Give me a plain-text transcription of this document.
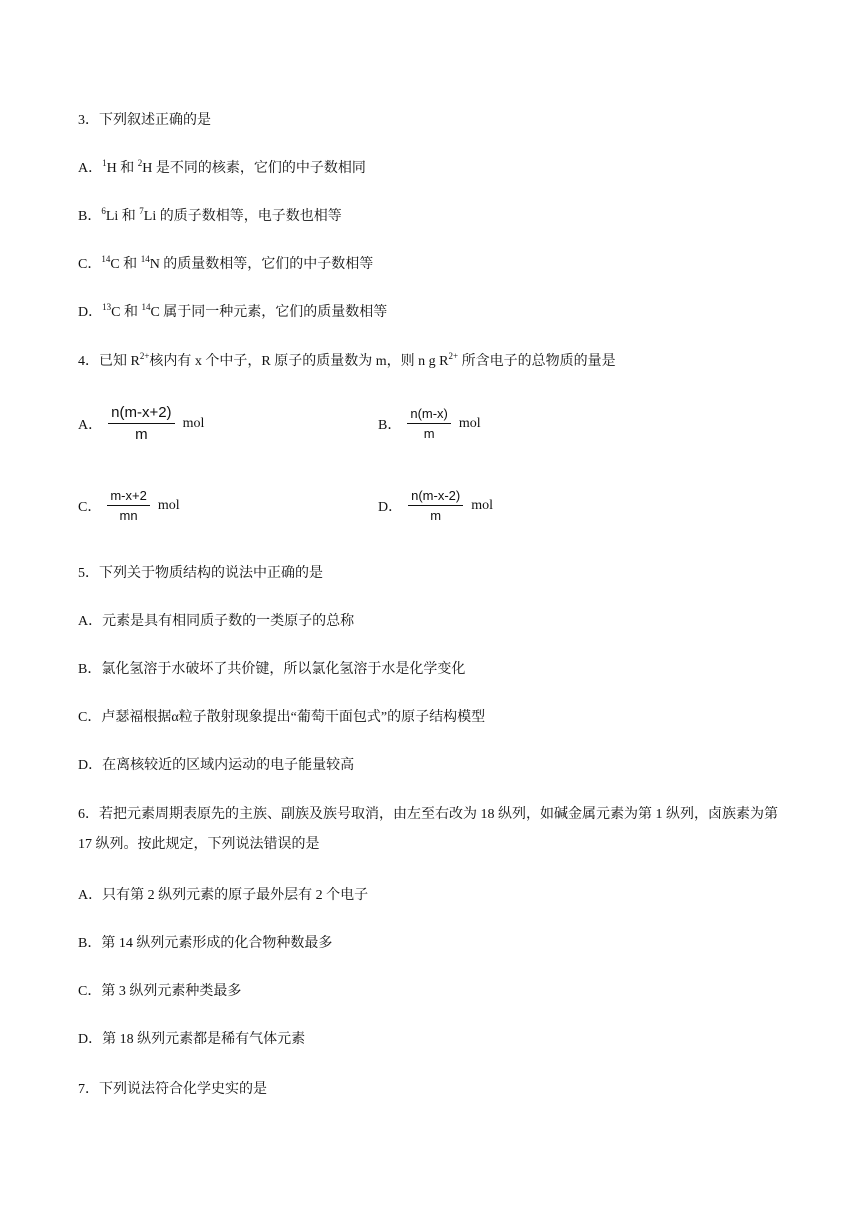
3．下列叙述正确的是
A．$^1$H 和 $^2$H 是不同的核素，它们的中子数相同
B．$^6$Li 和 $^7$Li 的质子数相等，电子数也相等
C．$^{14}$C 和 $^{14}$N 的质量数相等，它们的中子数相等
D．$^{13}$C 和 $^{14}$C 属于同一种元素，它们的质量数相等
4．已知 $R^{2+}$核内有 x 个中子，R 原子的质量数为 m，则 n g $R^{2+}$ 所含电子的总物质的量是
A． $\frac{n(m-x+2)}{m}$ mol	B． $\frac{n(m-x)}{m}$ mol
C． $\frac{m-x+2}{mn}$ mol	D． $\frac{n(m-x-2)}{m}$ mol
5．下列关于物质结构的说法中正确的是
A．元素是具有相同质子数的一类原子的总称
B．氯化氢溶于水破坏了共价键，所以氯化氢溶于水是化学变化
C．卢瑟福根据α粒子散射现象提出“葡萄干面包式”的原子结构模型
D．在离核较近的区域内运动的电子能量较高
6．若把元素周期表原先的主族、副族及族号取消，由左至右改为 18 纵列，如碱金属元素为第 1 纵列，卤族素为第 17 纵列。按此规定，下列说法错误的是
A．只有第 2 纵列元素的原子最外层有 2 个电子
B．第 14 纵列元素形成的化合物种数最多
C．第 3 纵列元素种类最多
D．第 18 纵列元素都是稀有气体元素
7．下列说法符合化学史实的是
